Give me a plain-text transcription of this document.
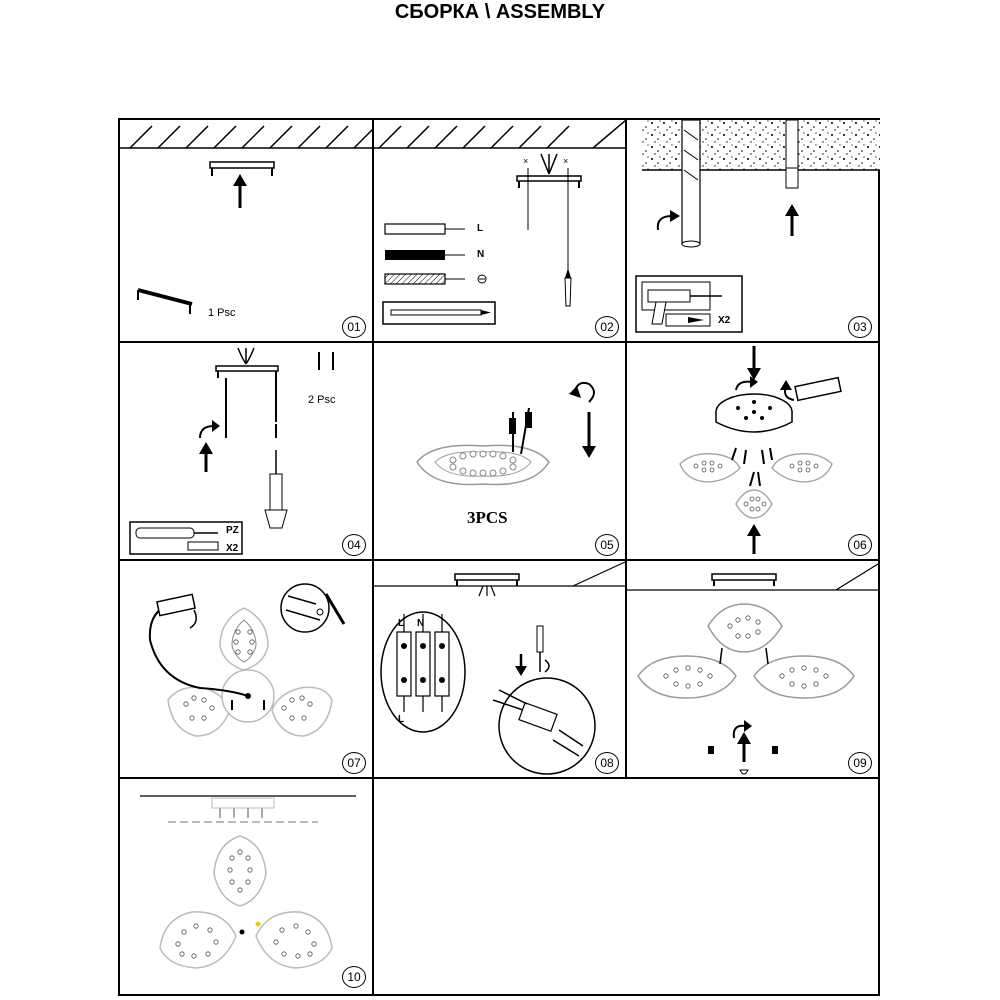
СБОРКА \ ASSEMBLY
1 Psc
01
×	×
L
N
02	X2	03
2 Psc
PZ
X2	04
3PCS
05	06
07
L N
L
08	09
10
